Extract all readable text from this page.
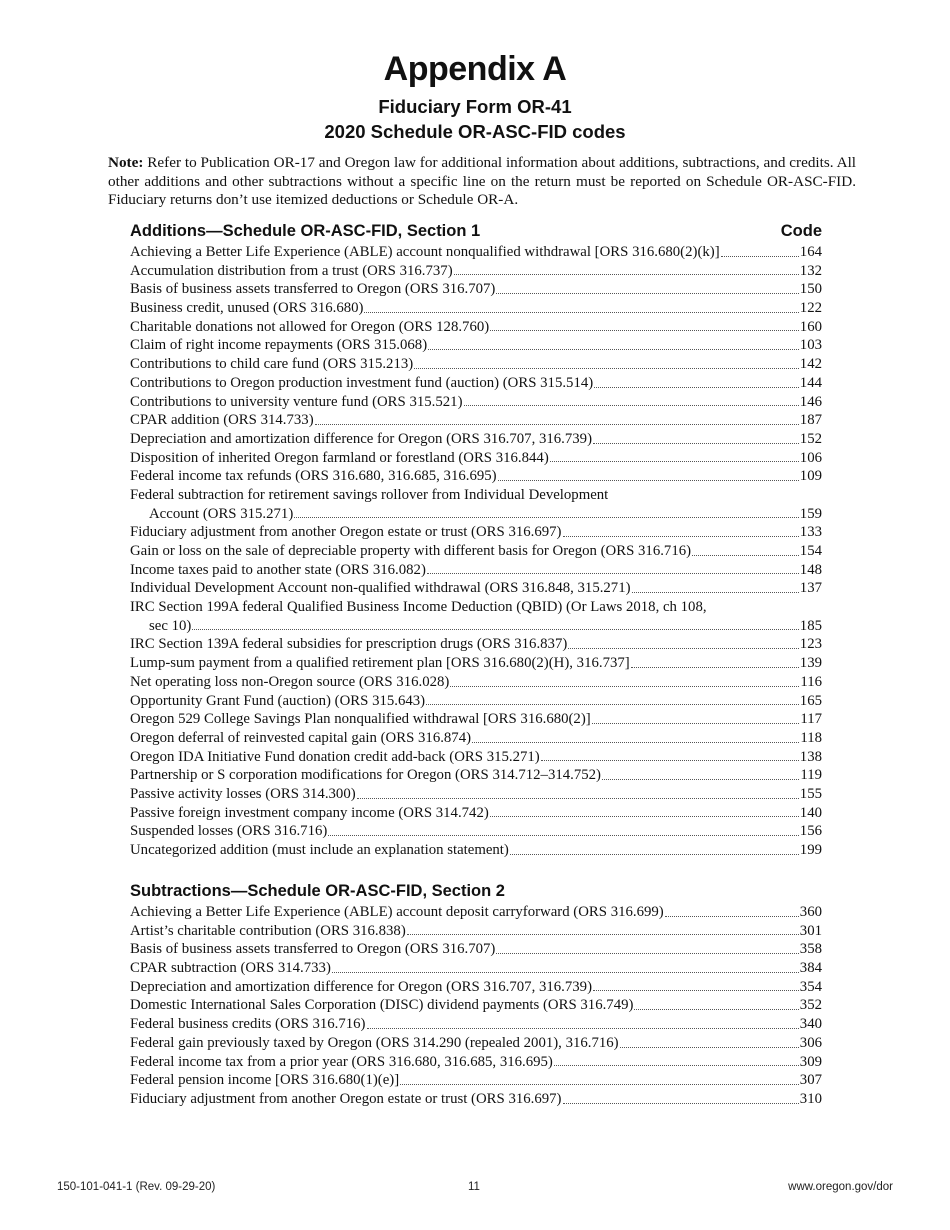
Appendix A
Fiduciary Form OR-41
2020 Schedule OR-ASC-FID codes
Note: Refer to Publication OR-17 and Oregon law for additional information about additions, subtractions, and credits. All other additions and other subtractions without a specific line on the return must be reported on Schedule OR-ASC-FID. Fiduciary returns don’t use itemized deductions or Schedule OR-A.
Additions—Schedule OR-ASC-FID, Section 1	Code
Achieving a Better Life Experience (ABLE) account nonqualified withdrawal [ORS 316.680(2)(k)]	164
Accumulation distribution from a trust (ORS 316.737)	132
Basis of business assets transferred to Oregon (ORS 316.707)	150
Business credit, unused (ORS 316.680)	122
Charitable donations not allowed for Oregon (ORS 128.760)	160
Claim of right income repayments (ORS 315.068)	103
Contributions to child care fund (ORS 315.213)	142
Contributions to Oregon production investment fund (auction) (ORS 315.514)	144
Contributions to university venture fund (ORS 315.521)	146
CPAR addition (ORS 314.733)	187
Depreciation and amortization difference for Oregon (ORS 316.707, 316.739)	152
Disposition of inherited Oregon farmland or forestland (ORS 316.844)	106
Federal income tax refunds (ORS 316.680, 316.685, 316.695)	109
Federal subtraction for retirement savings rollover from Individual Development
Account (ORS 315.271)	159
Fiduciary adjustment from another Oregon estate or trust (ORS 316.697)	133
Gain or loss on the sale of depreciable property with different basis for Oregon (ORS 316.716)	154
Income taxes paid to another state (ORS 316.082)	148
Individual Development Account non-qualified withdrawal (ORS 316.848, 315.271)	137
IRC Section 199A federal Qualified Business Income Deduction (QBID) (Or Laws 2018, ch 108,
sec 10)	185
IRC Section 139A federal subsidies for prescription drugs (ORS 316.837)	123
Lump-sum payment from a qualified retirement plan [ORS 316.680(2)(H), 316.737]	139
Net operating loss non-Oregon source (ORS 316.028)	116
Opportunity Grant Fund (auction) (ORS 315.643)	165
Oregon 529 College Savings Plan nonqualified withdrawal [ORS 316.680(2)]	117
Oregon deferral of reinvested capital gain (ORS 316.874)	118
Oregon IDA Initiative Fund donation credit add-back (ORS 315.271)	138
Partnership or S corporation modifications for Oregon (ORS 314.712–314.752)	119
Passive activity losses (ORS 314.300)	155
Passive foreign investment company income (ORS 314.742)	140
Suspended losses (ORS 316.716)	156
Uncategorized addition (must include an explanation statement)	199
Subtractions—Schedule OR-ASC-FID, Section 2
Achieving a Better Life Experience (ABLE) account deposit carryforward (ORS 316.699)	360
Artist’s charitable contribution (ORS 316.838)	301
Basis of business assets transferred to Oregon (ORS 316.707)	358
CPAR subtraction (ORS 314.733)	384
Depreciation and amortization difference for Oregon (ORS 316.707, 316.739)	354
Domestic International Sales Corporation (DISC) dividend payments (ORS 316.749)	352
Federal business credits (ORS 316.716)	340
Federal gain previously taxed by Oregon (ORS 314.290 (repealed 2001), 316.716)	306
Federal income tax from a prior year (ORS 316.680, 316.685, 316.695)	309
Federal pension income [ORS 316.680(1)(e)]	307
Fiduciary adjustment from another Oregon estate or trust (ORS 316.697)	310
150-101-041-1 (Rev. 09-29-20)	11	www.oregon.gov/dor
